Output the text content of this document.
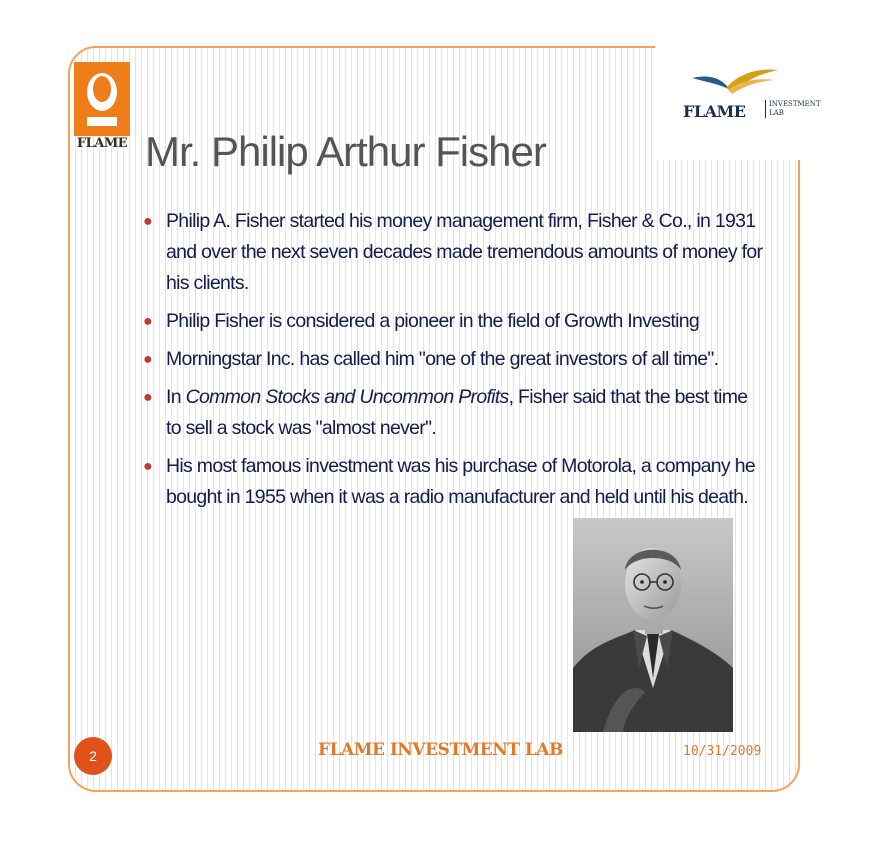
FLAME
FLAME	INVESTMENT
LAB
Mr. Philip Arthur Fisher
● Philip A. Fisher started his money management firm, Fisher & Co., in 1931 and over the next seven decades made tremendous amounts of money for his clients.
● Philip Fisher is considered a pioneer in the field of Growth Investing
● Morningstar Inc. has called him "one of the great investors of all time".
● In Common Stocks and Uncommon Profits, Fisher said that the best time to sell a stock was "almost never".
● His most famous investment was his purchase of Motorola, a company he bought in 1955 when it was a radio manufacturer and held until his death.
2	FLAME INVESTMENT LAB	10/31/2009
